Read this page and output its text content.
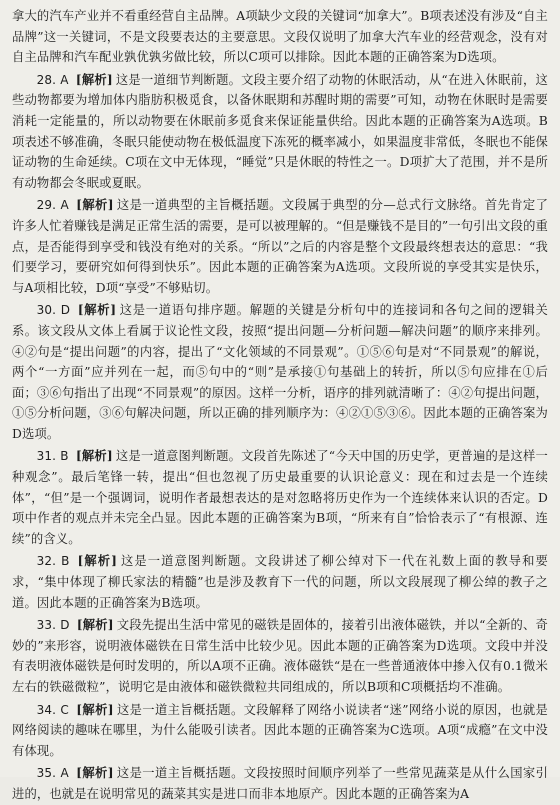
拿大的汽车产业并不看重经营自主品牌。A项缺少文段的关键词“加拿大”。B项表述没有涉及“自主品牌”这一关键词，不是文段要表达的主要意思。文段仅说明了加拿大汽车业的经营观念，没有对自主品牌和汽车配业孰优孰劣做比较，所以C项可以排除。因此本题的正确答案为D选项。

28. A [解析] 这是一道细节判断题。文段主要介绍了动物的休眠活动，从“在进入休眠前，这些动物都要为增加体内脂肪积极觅食，以备休眠期和苏醒时期的需要”可知，动物在休眠时是需要消耗一定能量的，所以动物要在休眠前多觅食来保证能量供给。因此本题的正确答案为A选项。B项表述不够准确，冬眠只能使动物在极低温度下冻死的概率减小，如果温度非常低，冬眠也不能保证动物的生命延续。C项在文中无体现，“睡觉”只是休眠的特性之一。D项扩大了范围，并不是所有动物都会冬眠或夏眠。

29. A [解析] 这是一道典型的主旨概括题。文段属于典型的分—总式行文脉络。首先肯定了许多人忙着赚钱是满足正常生活的需要，是可以被理解的。“但是赚钱不是目的”一句引出文段的重点，是否能得到享受和钱没有绝对的关系。“所以”之后的内容是整个文段最终想表达的意思：“我们要学习，要研究如何得到快乐”。因此本题的正确答案为A选项。文段所说的享受其实是快乐，与A项相比较，D项“享受”不够贴切。

30. D [解析] 这是一道语句排序题。解题的关键是分析句中的连接词和各句之间的逻辑关系。该文段从文体上看属于议论性文段，按照“提出问题—分析问题—解决问题”的顺序来排列。④②句是“提出问题”的内容，提出了“文化领域的不同景观”。①⑤⑥句是对“不同景观”的解说，两个“一方面”应并列在一起，而⑤句中的“则”是承接①句基础上的转折，所以⑤句应排在①后面；③⑥句指出了出现“不同景观”的原因。这样一分析，语序的排列就清晰了：④②句提出问题，①⑤分析问题，③⑥句解决问题，所以正确的排列顺序为：④②①⑤③⑥。因此本题的正确答案为D选项。

31. B [解析] 这是一道意图判断题。文段首先陈述了“今天中国的历史学，更普遍的是这样一种观念”。最后笔锋一转，提出“但也忽视了历史最重要的认识论意义：现在和过去是一个连续体”，“但”是一个强调词，说明作者最想表达的是对忽略将历史作为一个连续体来认识的否定。D项中作者的观点并未完全凸显。因此本题的正确答案为B项，“所来有自”恰恰表示了“有根源、连续”的含义。

32. B [解析] 这是一道意图判断题。文段讲述了柳公绰对下一代在礼数上面的教导和要求，“集中体现了柳氏家法的精髓”也是涉及教育下一代的问题，所以文段展现了柳公绰的教子之道。因此本题的正确答案为B选项。

33. D [解析] 文段先提出生活中常见的磁铁是固体的，接着引出液体磁铁，并以“全新的、奇妙的”来形容，说明液体磁铁在日常生活中比较少见。因此本题的正确答案为D选项。文段中并没有表明液体磁铁是何时发明的，所以A项不正确。液体磁铁“是在一些普通液体中掺入仅有0.1微米左右的铁磁微粒”，说明它是由液体和磁铁微粒共同组成的，所以B项和C项概括均不准确。

34. C [解析] 这是一道主旨概括题。文段解释了网络小说读者“迷”网络小说的原因，也就是网络阅读的趣味在哪里，为什么能吸引读者。因此本题的正确答案为C选项。A项“成瘾”在文中没有体现。

35. A [解析] 这是一道主旨概括题。文段按照时间顺序列举了一些常见蔬菜是从什么国家引进的，也就是在说明常见的蔬菜其实是进口而非本地原产。因此本题的正确答案为A
